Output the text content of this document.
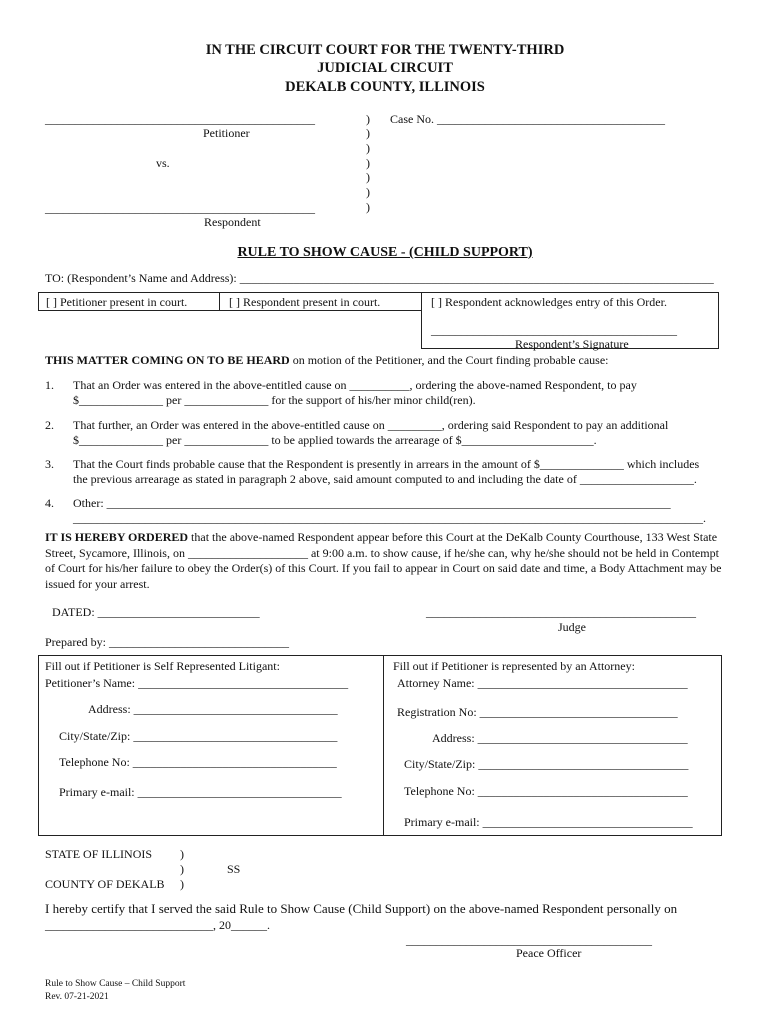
IN THE CIRCUIT COURT FOR THE TWENTY-THIRD
JUDICIAL CIRCUIT
DEKALB COUNTY, ILLINOIS
_____________________________________________
Petitioner
vs.
_____________________________________________
Respondent
)
)
)
)
)
)
)
Case No. ______________________________________
RULE TO SHOW CAUSE - (CHILD SUPPORT)
TO: (Respondent’s Name and Address): _______________________________________________________________________________
[ ] Petitioner present in court.	[ ] Respondent present in court.	[ ] Respondent acknowledges entry of this Order.
_________________________________________
Respondent’s Signature
THIS MATTER COMING ON TO BE HEARD on motion of the Petitioner, and the Court finding probable cause:
1. That an Order was entered in the above-entitled cause on __________, ordering the above-named Respondent, to pay
$______________ per ______________ for the support of his/her minor child(ren).
2. That further, an Order was entered in the above-entitled cause on _________, ordering said Respondent to pay an additional
$______________ per ______________ to be applied towards the arrearage of $______________________.
3. That the Court finds probable cause that the Respondent is presently in arrears in the amount of $______________ which includes
the previous arrearage as stated in paragraph 2 above, said amount computed to and including the date of ___________________.
4. Other: ______________________________________________________________________________________________
_________________________________________________________________________________________________________.
IT IS HEREBY ORDERED that the above-named Respondent appear before this Court at the DeKalb County Courthouse, 133 West State Street, Sycamore, Illinois, on ____________________ at 9:00 a.m. to show cause, if he/she can, why he/she should not be held in Contempt of Court for his/her failure to obey the Order(s) of this Court. If you fail to appear in Court on said date and time, a Body Attachment may be issued for your arrest.
DATED: ___________________________	_____________________________________________
Judge
Prepared by: ______________________________
Fill out if Petitioner is Self Represented Litigant:
Petitioner’s Name: ___________________________________
Address: __________________________________
City/State/Zip: __________________________________
Telephone No: __________________________________
Primary e-mail: __________________________________
Fill out if Petitioner is represented by an Attorney:
Attorney Name: ___________________________________
Registration No: _________________________________
Address: ___________________________________
City/State/Zip: ___________________________________
Telephone No: ___________________________________
Primary e-mail: ___________________________________
STATE OF ILLINOIS )
)	SS
COUNTY OF DEKALB )
I hereby certify that I served the said Rule to Show Cause (Child Support) on the above-named Respondent personally on
____________________________, 20______.
_________________________________________
Peace Officer
Rule to Show Cause – Child Support
Rev. 07-21-2021
